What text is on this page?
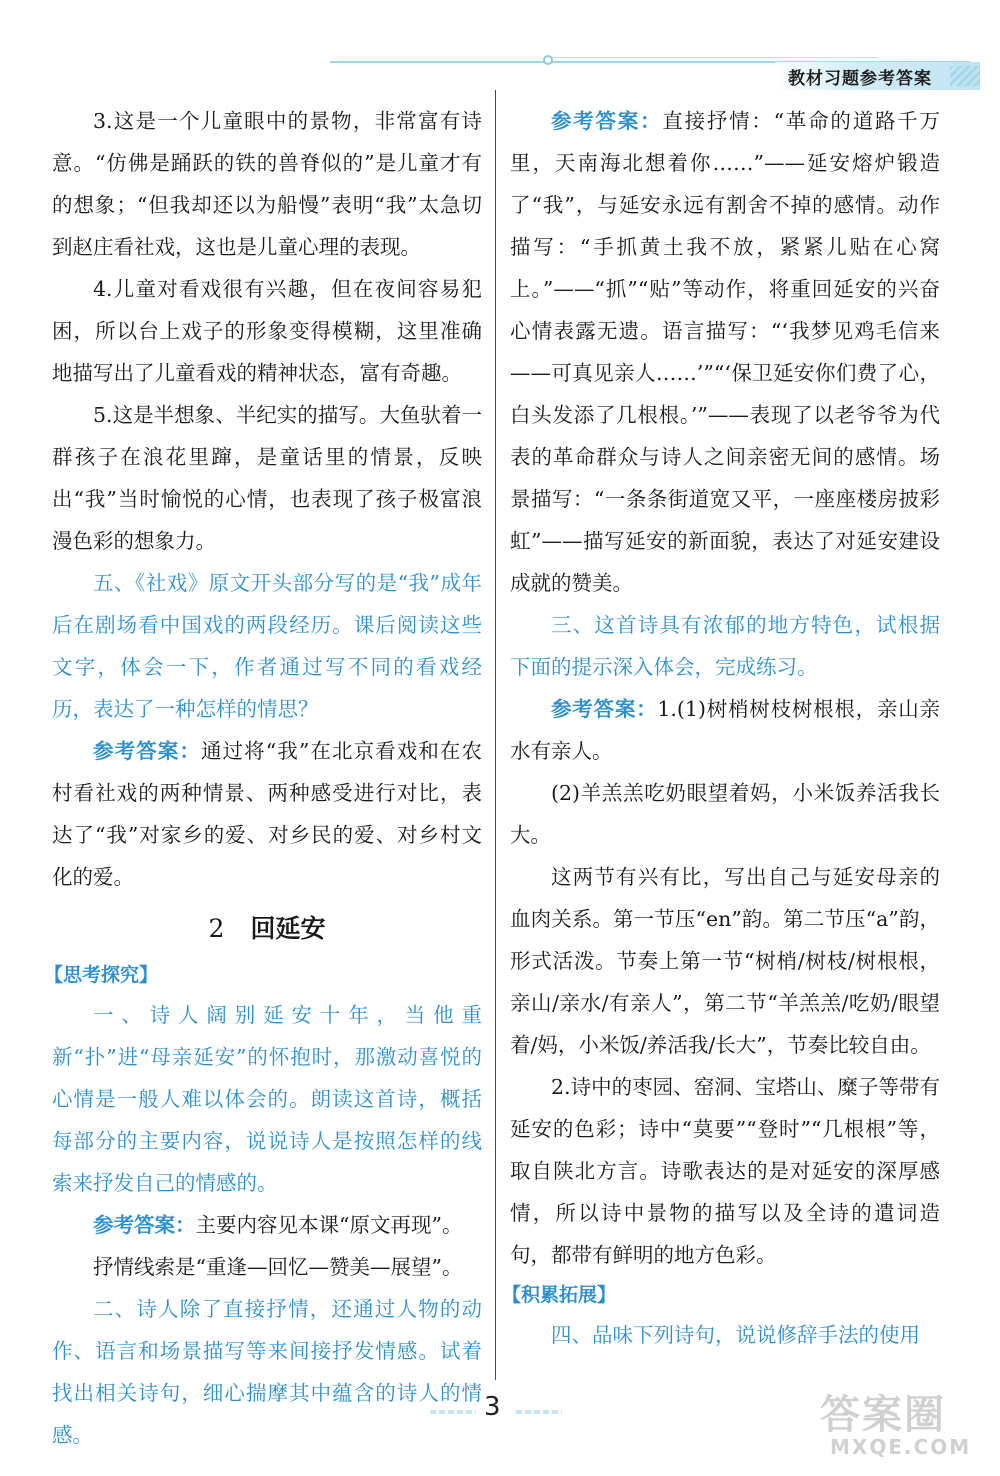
教材习题参考答案

3.这是一个儿童眼中的景物，非常富有诗意。“仿佛是踊跃的铁的兽脊似的”是儿童才有的想象；“但我却还以为船慢”表明“我”太急切到赵庄看社戏，这也是儿童心理的表现。

4.儿童对看戏很有兴趣，但在夜间容易犯困，所以台上戏子的形象变得模糊，这里准确地描写出了儿童看戏的精神状态，富有奇趣。

5.这是半想象、半纪实的描写。大鱼驮着一群孩子在浪花里蹿，是童话里的情景，反映出“我”当时愉悦的心情，也表现了孩子极富浪漫色彩的想象力。

五、《社戏》原文开头部分写的是“我”成年后在剧场看中国戏的两段经历。课后阅读这些文字，体会一下，作者通过写不同的看戏经历，表达了一种怎样的情思？

参考答案：通过将“我”在北京看戏和在农村看社戏的两种情景、两种感受进行对比，表达了“我”对家乡的爱、对乡民的爱、对乡村文化的爱。

2 回延安
【思考探究】

一、诗人阔别延安十年，当他重新“扑”进“母亲延安”的怀抱时，那激动喜悦的心情是一般人难以体会的。朗读这首诗，概括每部分的主要内容，说说诗人是按照怎样的线索来抒发自己的情感的。

参考答案：主要内容见本课“原文再现”。

抒情线索是“重逢—回忆—赞美—展望”。

二、诗人除了直接抒情，还通过人物的动作、语言和场景描写等来间接抒发情感。试着找出相关诗句，细心揣摩其中蕴含的诗人的情感。

参考答案：直接抒情：“革命的道路千万里，天南海北想着你……”——延安熔炉锻造了“我”，与延安永远有割舍不掉的感情。动作描写：“手抓黄土我不放，紧紧儿贴在心窝上。”——“抓”“贴”等动作，将重回延安的兴奋心情表露无遗。语言描写：“‘我梦见鸡毛信来——可真见亲人……’”“‘保卫延安你们费了心，白头发添了几根根。’”——表现了以老爷爷为代表的革命群众与诗人之间亲密无间的感情。场景描写：“一条条街道宽又平，一座座楼房披彩虹”——描写延安的新面貌，表达了对延安建设成就的赞美。

三、这首诗具有浓郁的地方特色，试根据下面的提示深入体会，完成练习。

参考答案：1.(1)树梢树枝树根根，亲山亲水有亲人。

(2)羊羔羔吃奶眼望着妈，小米饭养活我长大。

这两节有兴有比，写出自己与延安母亲的血肉关系。第一节压“en”韵。第二节压“a”韵，形式活泼。节奏上第一节“树梢/树枝/树根根，亲山/亲水/有亲人”，第二节“羊羔羔/吃奶/眼望着/妈，小米饭/养活我/长大”，节奏比较自由。

2.诗中的枣园、窑洞、宝塔山、糜子等带有延安的色彩；诗中“莫要”“登时”“几根根”等，取自陕北方言。诗歌表达的是对延安的深厚感情，所以诗中景物的描写以及全诗的遣词造句，都带有鲜明的地方色彩。

【积累拓展】

四、品味下列诗句，说说修辞手法的使用

3	答案圈
MXQE.COM
